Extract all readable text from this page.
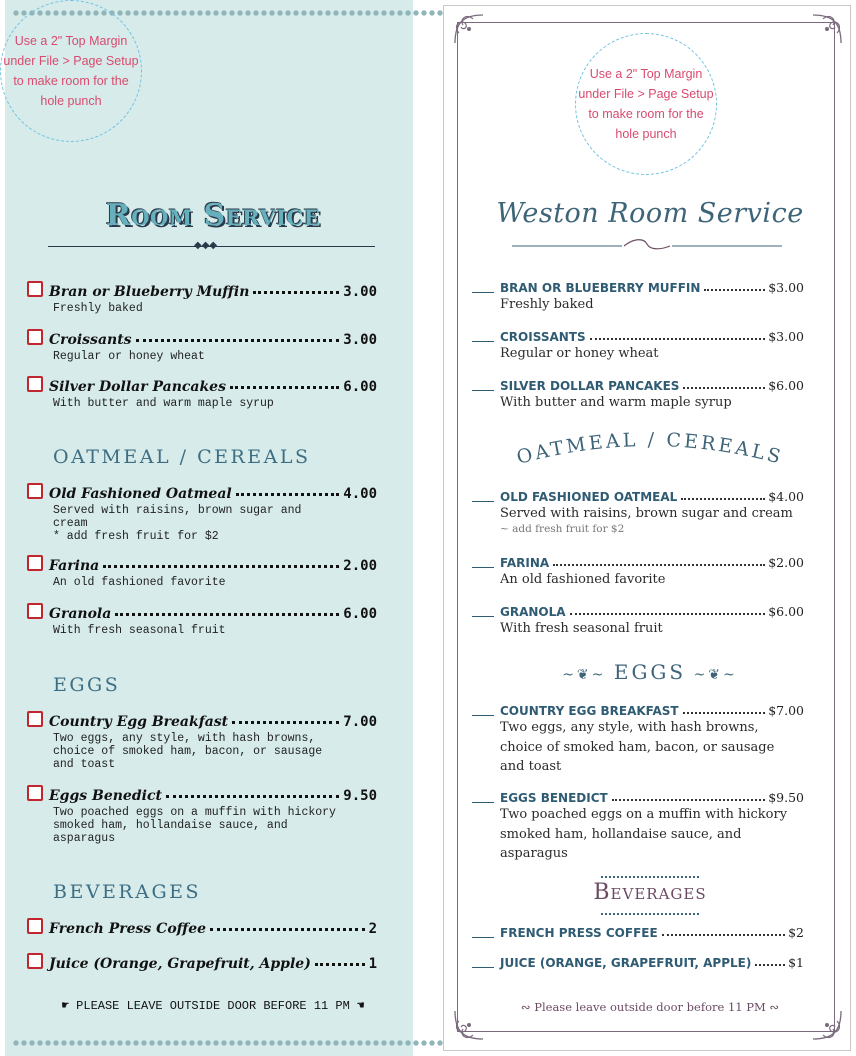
Use a 2" Top Margin
under File > Page Setup
to make room for the
hole punch
Room Service
◆◆◆
Bran or Blueberry Muffin	3.00
Freshly baked
Croissants	3.00
Regular or honey wheat
Silver Dollar Pancakes	6.00
With butter and warm maple syrup
OATMEAL / CEREALS
Old Fashioned Oatmeal	4.00
Served with raisins, brown sugar and
cream
* add fresh fruit for $2
Farina	2.00
An old fashioned favorite
Granola	6.00
With fresh seasonal fruit
EGGS
Country Egg Breakfast	7.00
Two eggs, any style, with hash browns,
choice of smoked ham, bacon, or sausage
and toast
Eggs Benedict	9.50
Two poached eggs on a muffin with hickory
smoked ham, hollandaise sauce, and
asparagus
BEVERAGES
French Press Coffee	2
Juice (Orange, Grapefruit, Apple)	1
☛ PLEASE LEAVE OUTSIDE DOOR BEFORE 11 PM ☚
Use a 2" Top Margin
under File > Page Setup
to make room for the
hole punch
Weston Room Service
BRAN OR BLUEBERRY MUFFIN	$3.00
Freshly baked
CROISSANTS	$3.00
Regular or honey wheat
SILVER DOLLAR PANCAKES	$6.00
With butter and warm maple syrup
OATMEAL / CEREALS
OLD FASHIONED OATMEAL	$4.00
Served with raisins, brown sugar and cream
~ add fresh fruit for $2
FARINA	$2.00
An old fashioned favorite
GRANOLA	$6.00
With fresh seasonal fruit
~❦~ EGGS ~❦~
COUNTRY EGG BREAKFAST	$7.00
Two eggs, any style, with hash browns,
choice of smoked ham, bacon, or sausage
and toast
EGGS BENEDICT	$9.50
Two poached eggs on a muffin with hickory
smoked ham, hollandaise sauce, and
asparagus
Beverages
FRENCH PRESS COFFEE	$2
JUICE (ORANGE, GRAPEFRUIT, APPLE)	$1
∾ Please leave outside door before 11 PM ∾
